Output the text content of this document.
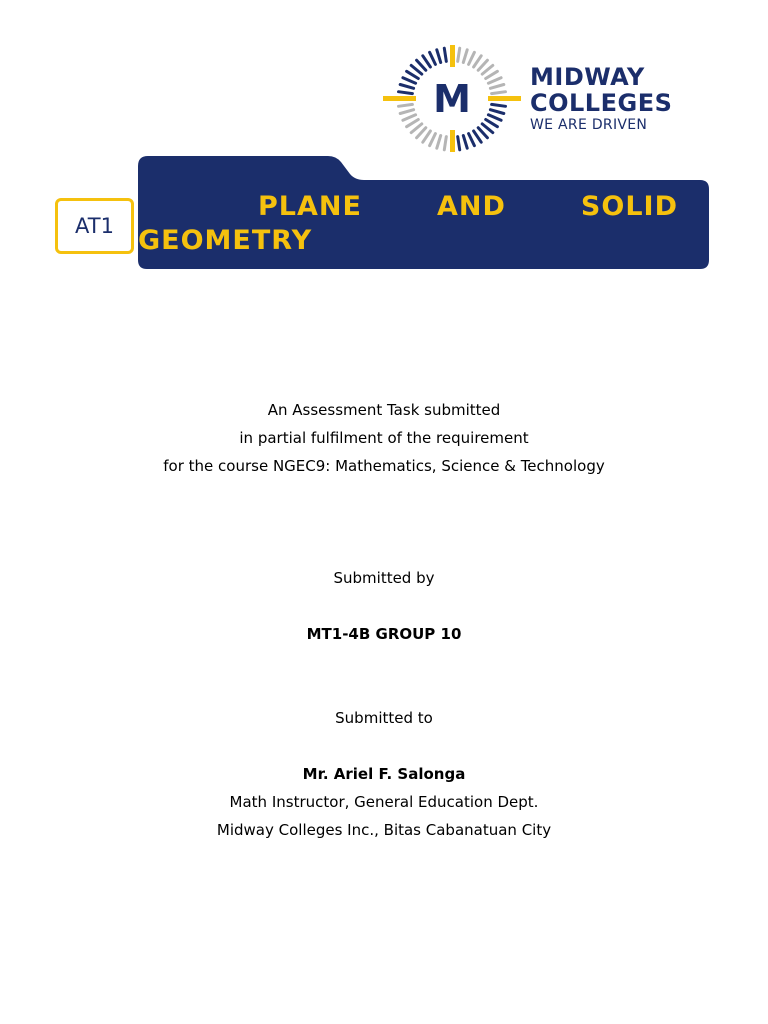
M MIDWAY
COLLEGES
WE ARE DRIVEN
PLANE AND SOLID GEOMETRY
AT1
An Assessment Task submitted
in partial fulfilment of the requirement
for the course NGEC9: Mathematics, Science & Technology
Submitted by
MT1-4B GROUP 10
Submitted to
Mr. Ariel F. Salonga
Math Instructor, General Education Dept.
Midway Colleges Inc., Bitas Cabanatuan City
